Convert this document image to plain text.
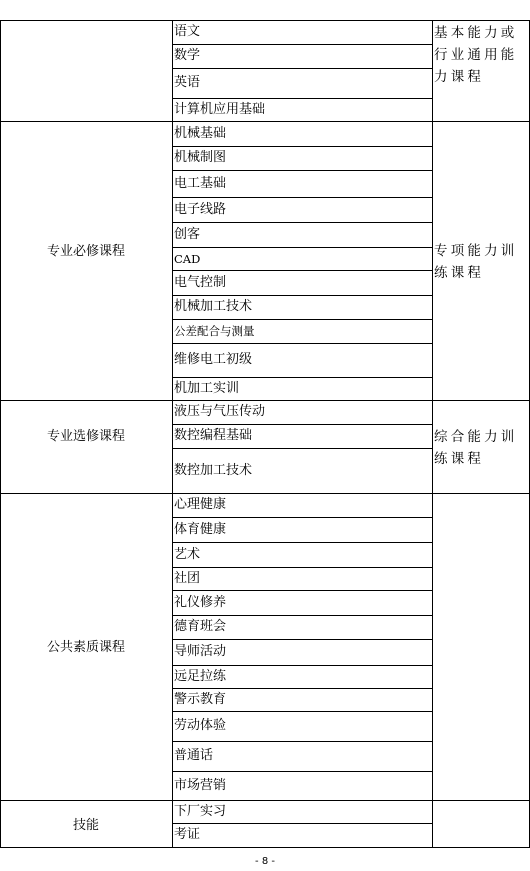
专业必修课程
专业选修课程
公共素质课程
技能
基本能力或行业通用能力课程
专项能力训练课程
综合能力训练课程
- 8 -
语文
数学
英语
计算机应用基础
机械基础
机械制图
电工基础
电子线路
创客
CAD
电气控制
机械加工技术
公差配合与测量
维修电工初级
机加工实训
液压与气压传动
数控编程基础
数控加工技术
心理健康
体育健康
艺术
社团
礼仪修养
德育班会
导师活动
远足拉练
警示教育
劳动体验
普通话
市场营销
下厂实习
考证
